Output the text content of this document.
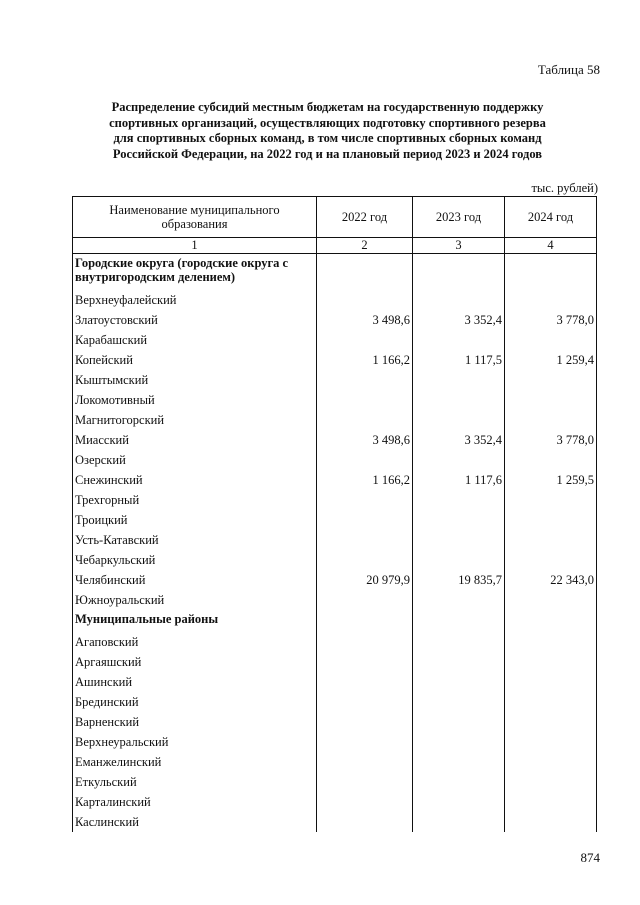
Таблица 58
Распределение субсидий местным бюджетам на государственную поддержку
спортивных организаций, осуществляющих подготовку спортивного резерва
для спортивных сборных команд, в том числе спортивных сборных команд
Российской Федерации, на 2022 год и на плановый период 2023 и 2024 годов
тыс. рублей)
Наименование муниципального образования	2022 год	2023 год	2024 год
1	2	3	4
Городские округа (городские округа с внутригородским делением)			
Верхнеуфалейский			
Златоустовский	3 498,6	3 352,4	3 778,0
Карабашский			
Копейский	1 166,2	1 117,5	1 259,4
Кыштымский			
Локомотивный			
Магнитогорский			
Миасский	3 498,6	3 352,4	3 778,0
Озерский			
Снежинский	1 166,2	1 117,6	1 259,5
Трехгорный			
Троицкий			
Усть-Катавский			
Чебаркульский			
Челябинский	20 979,9	19 835,7	22 343,0
Южноуральский			
Муниципальные районы			
Агаповский			
Аргаяшский			
Ашинский			
Брединский			
Варненский			
Верхнеуральский			
Еманжелинский			
Еткульский			
Карталинский			
Каслинский			
874
